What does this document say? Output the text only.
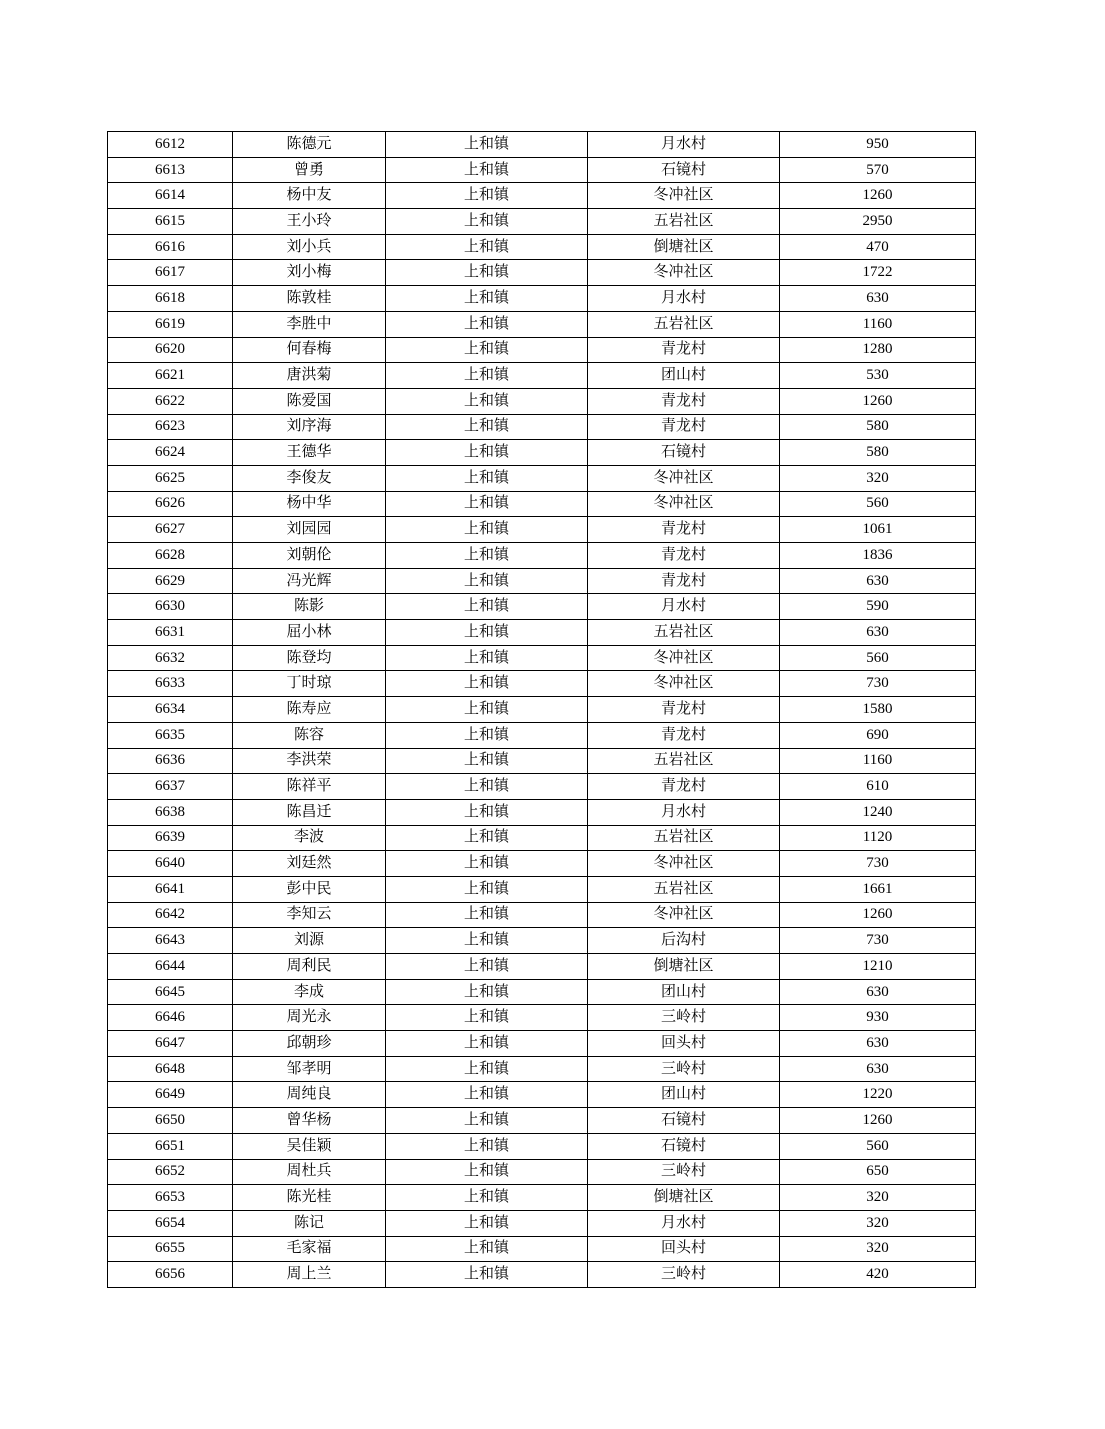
6612	陈德元	上和镇	月水村	950
6613	曾勇	上和镇	石镜村	570
6614	杨中友	上和镇	冬冲社区	1260
6615	王小玲	上和镇	五岩社区	2950
6616	刘小兵	上和镇	倒塘社区	470
6617	刘小梅	上和镇	冬冲社区	1722
6618	陈敦桂	上和镇	月水村	630
6619	李胜中	上和镇	五岩社区	1160
6620	何春梅	上和镇	青龙村	1280
6621	唐洪菊	上和镇	团山村	530
6622	陈爱国	上和镇	青龙村	1260
6623	刘序海	上和镇	青龙村	580
6624	王德华	上和镇	石镜村	580
6625	李俊友	上和镇	冬冲社区	320
6626	杨中华	上和镇	冬冲社区	560
6627	刘园园	上和镇	青龙村	1061
6628	刘朝伦	上和镇	青龙村	1836
6629	冯光辉	上和镇	青龙村	630
6630	陈影	上和镇	月水村	590
6631	屈小林	上和镇	五岩社区	630
6632	陈登均	上和镇	冬冲社区	560
6633	丁时琼	上和镇	冬冲社区	730
6634	陈寿应	上和镇	青龙村	1580
6635	陈容	上和镇	青龙村	690
6636	李洪荣	上和镇	五岩社区	1160
6637	陈祥平	上和镇	青龙村	610
6638	陈昌迁	上和镇	月水村	1240
6639	李波	上和镇	五岩社区	1120
6640	刘廷然	上和镇	冬冲社区	730
6641	彭中民	上和镇	五岩社区	1661
6642	李知云	上和镇	冬冲社区	1260
6643	刘源	上和镇	后沟村	730
6644	周利民	上和镇	倒塘社区	1210
6645	李成	上和镇	团山村	630
6646	周光永	上和镇	三岭村	930
6647	邱朝珍	上和镇	回头村	630
6648	邹孝明	上和镇	三岭村	630
6649	周纯良	上和镇	团山村	1220
6650	曾华杨	上和镇	石镜村	1260
6651	吴佳颖	上和镇	石镜村	560
6652	周杜兵	上和镇	三岭村	650
6653	陈光桂	上和镇	倒塘社区	320
6654	陈记	上和镇	月水村	320
6655	毛家福	上和镇	回头村	320
6656	周上兰	上和镇	三岭村	420
